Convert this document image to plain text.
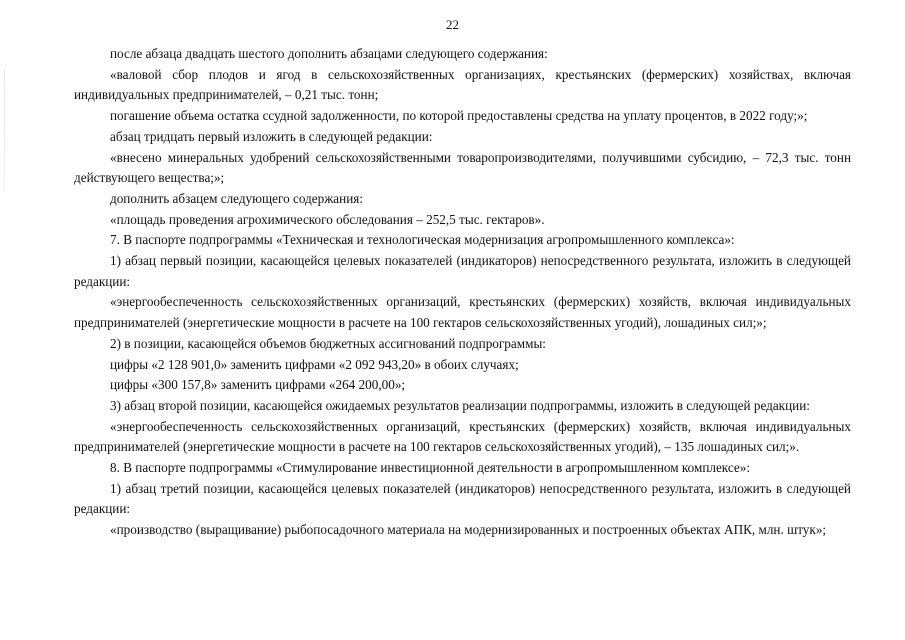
22

после абзаца двадцать шестого дополнить абзацами следующего содержания:

«валовой сбор плодов и ягод в сельскохозяйственных организациях, крестьянских (фермерских) хозяйствах, включая индивидуальных предпринимателей, – 0,21 тыс. тонн;

погашение объема остатка ссудной задолженности, по которой предоставлены средства на уплату процентов, в 2022 году;»;

абзац тридцать первый изложить в следующей редакции:

«внесено минеральных удобрений сельскохозяйственными товаропроизводителями, получившими субсидию, – 72,3 тыс. тонн действующего вещества;»;

дополнить абзацем следующего содержания:

«площадь проведения агрохимического обследования – 252,5 тыс. гектаров».

7. В паспорте подпрограммы «Техническая и технологическая модернизация агропромышленного комплекса»:

1) абзац первый позиции, касающейся целевых показателей (индикаторов) непосредственного результата, изложить в следующей редакции:

«энергообеспеченность сельскохозяйственных организаций, крестьянских (фермерских) хозяйств, включая индивидуальных предпринимателей (энергетические мощности в расчете на 100 гектаров сельскохозяйственных угодий), лошадиных сил;»;

2) в позиции, касающейся объемов бюджетных ассигнований подпрограммы:

цифры «2 128 901,0» заменить цифрами «2 092 943,20» в обоих случаях;

цифры «300 157,8» заменить цифрами «264 200,00»;

3) абзац второй позиции, касающейся ожидаемых результатов реализации подпрограммы, изложить в следующей редакции:

«энергообеспеченность сельскохозяйственных организаций, крестьянских (фермерских) хозяйств, включая индивидуальных предпринимателей (энергетические мощности в расчете на 100 гектаров сельскохозяйственных угодий), – 135 лошадиных сил;».

8. В паспорте подпрограммы «Стимулирование инвестиционной деятельности в агропромышленном комплексе»:

1) абзац третий позиции, касающейся целевых показателей (индикаторов) непосредственного результата, изложить в следующей редакции:

«производство (выращивание) рыбопосадочного материала на модернизированных и построенных объектах АПК, млн. штук»;
